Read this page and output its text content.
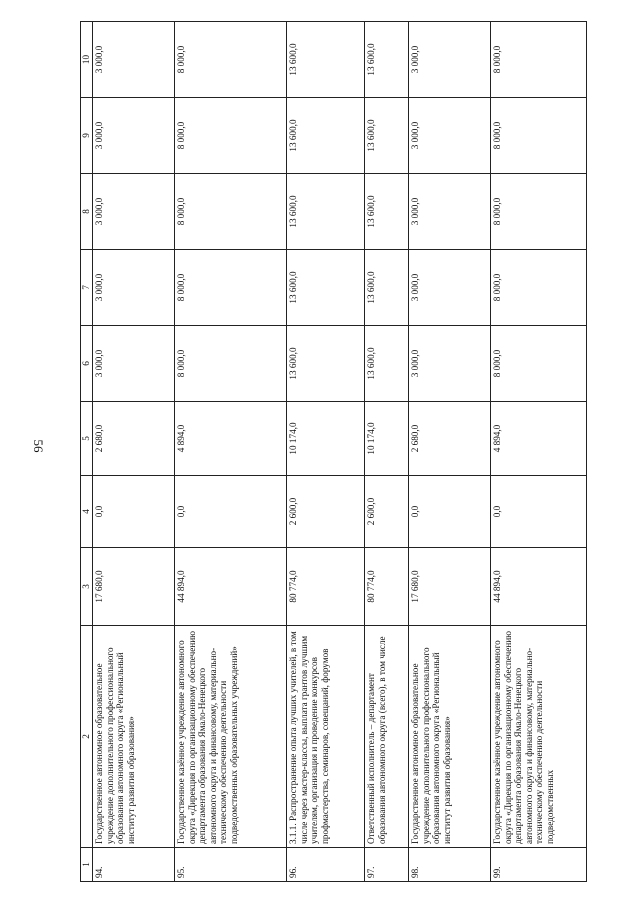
56
1	2	3	4	5	6	7	8	9	10
94.	Государственное автономное образовательное учреждение дополнительного профессионального образования автономного округа «Региональный институт развития образования»	17 680,0	0,0	2 680,0	3 000,0	3 000,0	3 000,0	3 000,0	3 000,0
95.	Государственное казённое учреждение автономного округа «Дирекция по организационному обеспечению департамента образования Ямало-Ненецкого автономного округа и финансовому, материально-техническому обеспечению деятельности подведомственных образовательных учреждений»	44 894,0	0,0	4 894,0	8 000,0	8 000,0	8 000,0	8 000,0	8 000,0
96.	3.1.1. Распространение опыта лучших учителей, в том числе через мастер-классы, выплата грантов лучшим учителям, организация и проведение конкурсов профмастерства, семинаров, совещаний, форумов	80 774,0	2 600,0	10 174,0	13 600,0	13 600,0	13 600,0	13 600,0	13 600,0
97.	Ответственный исполнитель – департамент образования автономного округа (всего), в том числе	80 774,0	2 600,0	10 174,0	13 600,0	13 600,0	13 600,0	13 600,0	13 600,0
98.	Государственное автономное образовательное учреждение дополнительного профессионального образования автономного округа «Региональный институт развития образования»	17 680,0	0,0	2 680,0	3 000,0	3 000,0	3 000,0	3 000,0	3 000,0
99.	Государственное казённое учреждение автономного округа «Дирекция по организационному обеспечению департамента образования Ямало-Ненецкого автономного округа и финансовому, материально-техническому обеспечению деятельности подведомственных	44 894,0	0,0	4 894,0	8 000,0	8 000,0	8 000,0	8 000,0	8 000,0
